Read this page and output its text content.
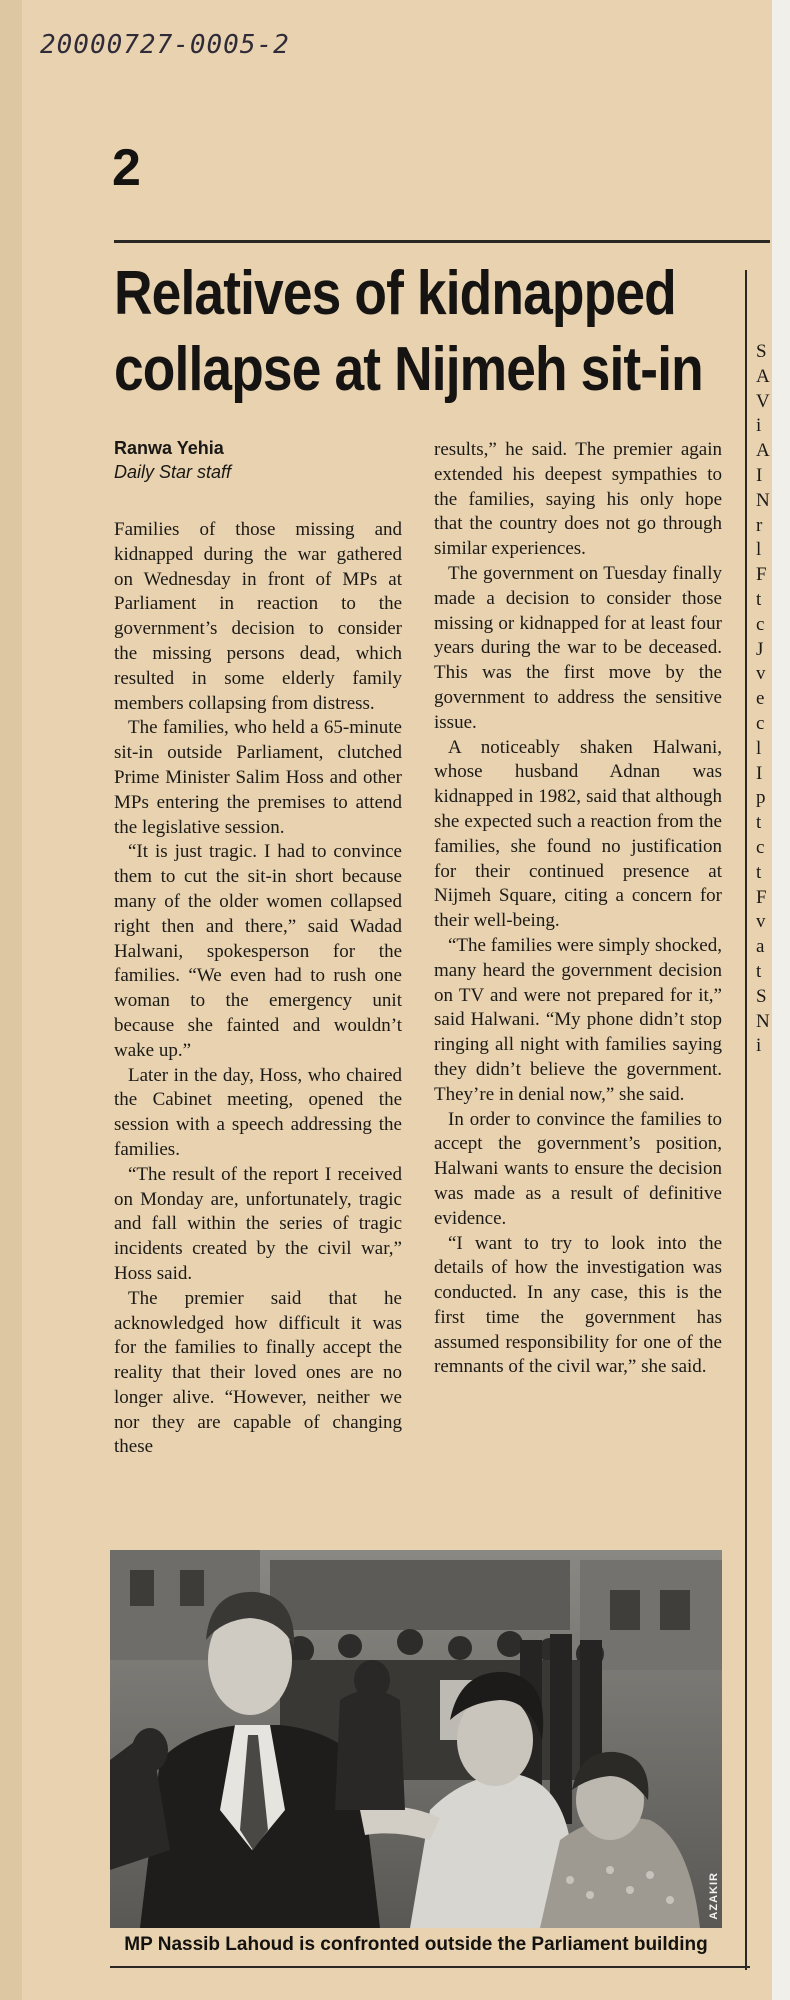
20000727-0005-2
2
Relatives of kidnapped
collapse at Nijmeh sit-in
Ranwa Yehia
Daily Star staff

Families of those missing and kidnapped during the war gathered on Wednesday in front of MPs at Parliament in reaction to the government’s decision to consider the missing persons dead, which resulted in some elderly family members collapsing from distress.

The families, who held a 65-minute sit-in outside Parliament, clutched Prime Minister Salim Hoss and other MPs entering the premises to attend the legislative session.

“It is just tragic. I had to convince them to cut the sit-in short because many of the older women collapsed right then and there,” said Wadad Halwani, spokesperson for the families. “We even had to rush one woman to the emergency unit because she fainted and wouldn’t wake up.”

Later in the day, Hoss, who chaired the Cabinet meeting, opened the session with a speech addressing the families.

“The result of the report I received on Monday are, unfortunately, tragic and fall within the series of tragic incidents created by the civil war,” Hoss said.

The premier said that he acknowledged how difficult it was for the families to finally accept the reality that their loved ones are no longer alive. “However, neither we nor they are capable of changing these

results,” he said. The premier again extended his deepest sympathies to the families, saying his only hope that the country does not go through similar experiences.

The government on Tuesday finally made a decision to consider those missing or kidnapped for at least four years during the war to be deceased. This was the first move by the government to address the sensitive issue.

A noticeably shaken Halwani, whose husband Adnan was kidnapped in 1982, said that although she expected such a reaction from the families, she found no justification for their continued presence at Nijmeh Square, citing a concern for their well-being.

“The families were simply shocked, many heard the government decision on TV and were not prepared for it,” said Halwani. “My phone didn’t stop ringing all night with families saying they didn’t believe the government. They’re in denial now,” she said.

In order to convince the families to accept the government’s position, Halwani wants to ensure the decision was made as a result of definitive evidence.

“I want to try to look into the details of how the investigation was conducted. In any case, this is the first time the government has assumed responsibility for one of the remnants of the civil war,” she said.

S
A
V
i
A
I
N
r
l
F
t
c
J
v
e
c
l
I
p
t
c
t
F
v
a
t
S
N
i
AZAKIR
MP Nassib Lahoud is confronted outside the Parliament building
